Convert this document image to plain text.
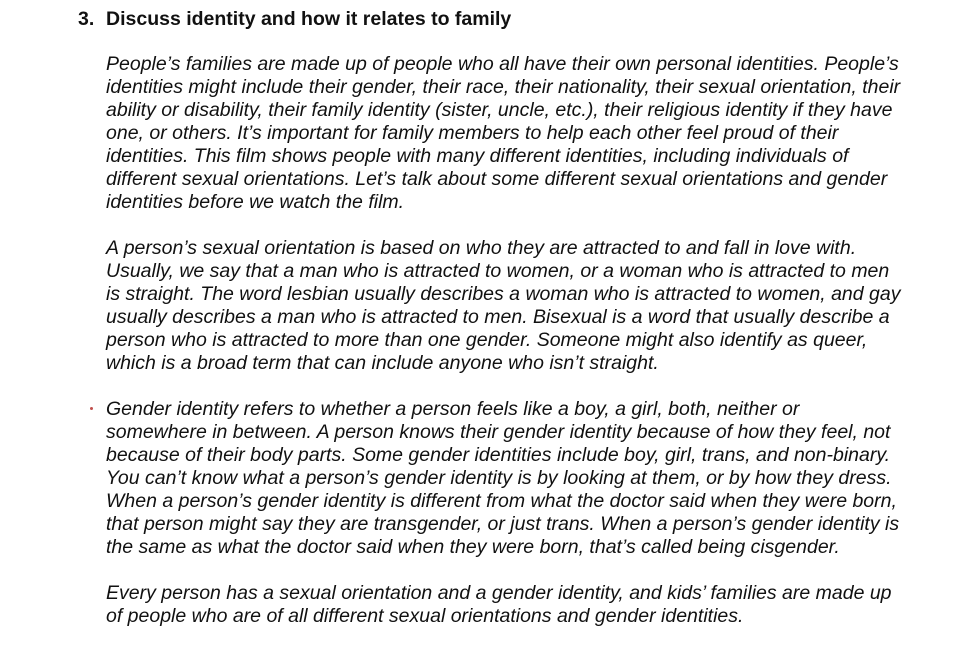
3. Discuss identity and how it relates to family

People’s families are made up of people who all have their own personal identities. People’s
identities might include their gender, their race, their nationality, their sexual orientation, their
ability or disability, their family identity (sister, uncle, etc.), their religious identity if they have
one, or others. It’s important for family members to help each other feel proud of their
identities. This film shows people with many different identities, including individuals of
different sexual orientations. Let’s talk about some different sexual orientations and gender
identities before we watch the film.

A person’s sexual orientation is based on who they are attracted to and fall in love with.
Usually, we say that a man who is attracted to women, or a woman who is attracted to men
is straight. The word lesbian usually describes a woman who is attracted to women, and gay
usually describes a man who is attracted to men. Bisexual is a word that usually describe a
person who is attracted to more than one gender. Someone might also identify as queer,
which is a broad term that can include anyone who isn’t straight.

Gender identity refers to whether a person feels like a boy, a girl, both, neither or
somewhere in between. A person knows their gender identity because of how they feel, not
because of their body parts. Some gender identities include boy, girl, trans, and non-binary.
You can’t know what a person’s gender identity is by looking at them, or by how they dress.
When a person’s gender identity is different from what the doctor said when they were born,
that person might say they are transgender, or just trans. When a person’s gender identity is
the same as what the doctor said when they were born, that’s called being cisgender.

Every person has a sexual orientation and a gender identity, and kids’ families are made up
of people who are of all different sexual orientations and gender identities.
